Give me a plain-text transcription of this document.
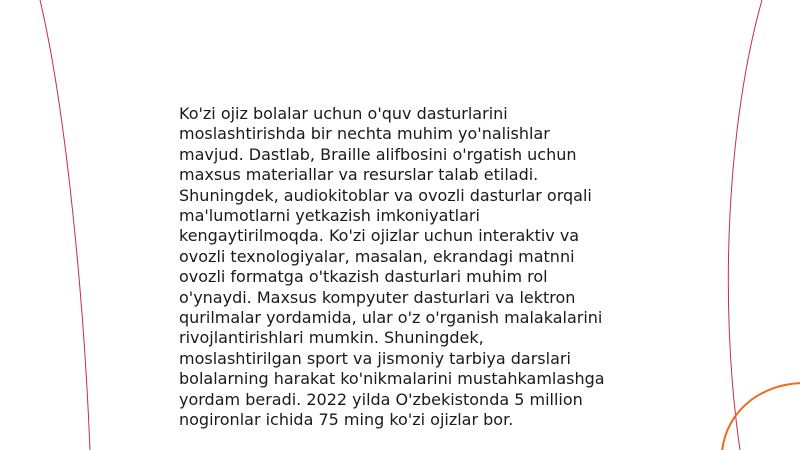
Ko'zi ojiz bolalar uchun o'quv dasturlarini
moslashtirishda bir nechta muhim yo'nalishlar
mavjud. Dastlab, Braille alifbosini o'rgatish uchun
maxsus materiallar va resurslar talab etiladi.
Shuningdek, audiokitoblar va ovozli dasturlar orqali
ma'lumotlarni yetkazish imkoniyatlari
kengaytirilmoqda. Ko'zi ojizlar uchun interaktiv va
ovozli texnologiyalar, masalan, ekrandagi matnni
ovozli formatga o'tkazish dasturlari muhim rol
o'ynaydi. Maxsus kompyuter dasturlari va lektron
qurilmalar yordamida, ular o'z o'rganish malakalarini
rivojlantirishlari mumkin. Shuningdek,
moslashtirilgan sport va jismoniy tarbiya darslari
bolalarning harakat ko'nikmalarini mustahkamlashga
yordam beradi. 2022 yilda O'zbekistonda 5 million
nogironlar ichida 75 ming ko'zi ojizlar bor.
